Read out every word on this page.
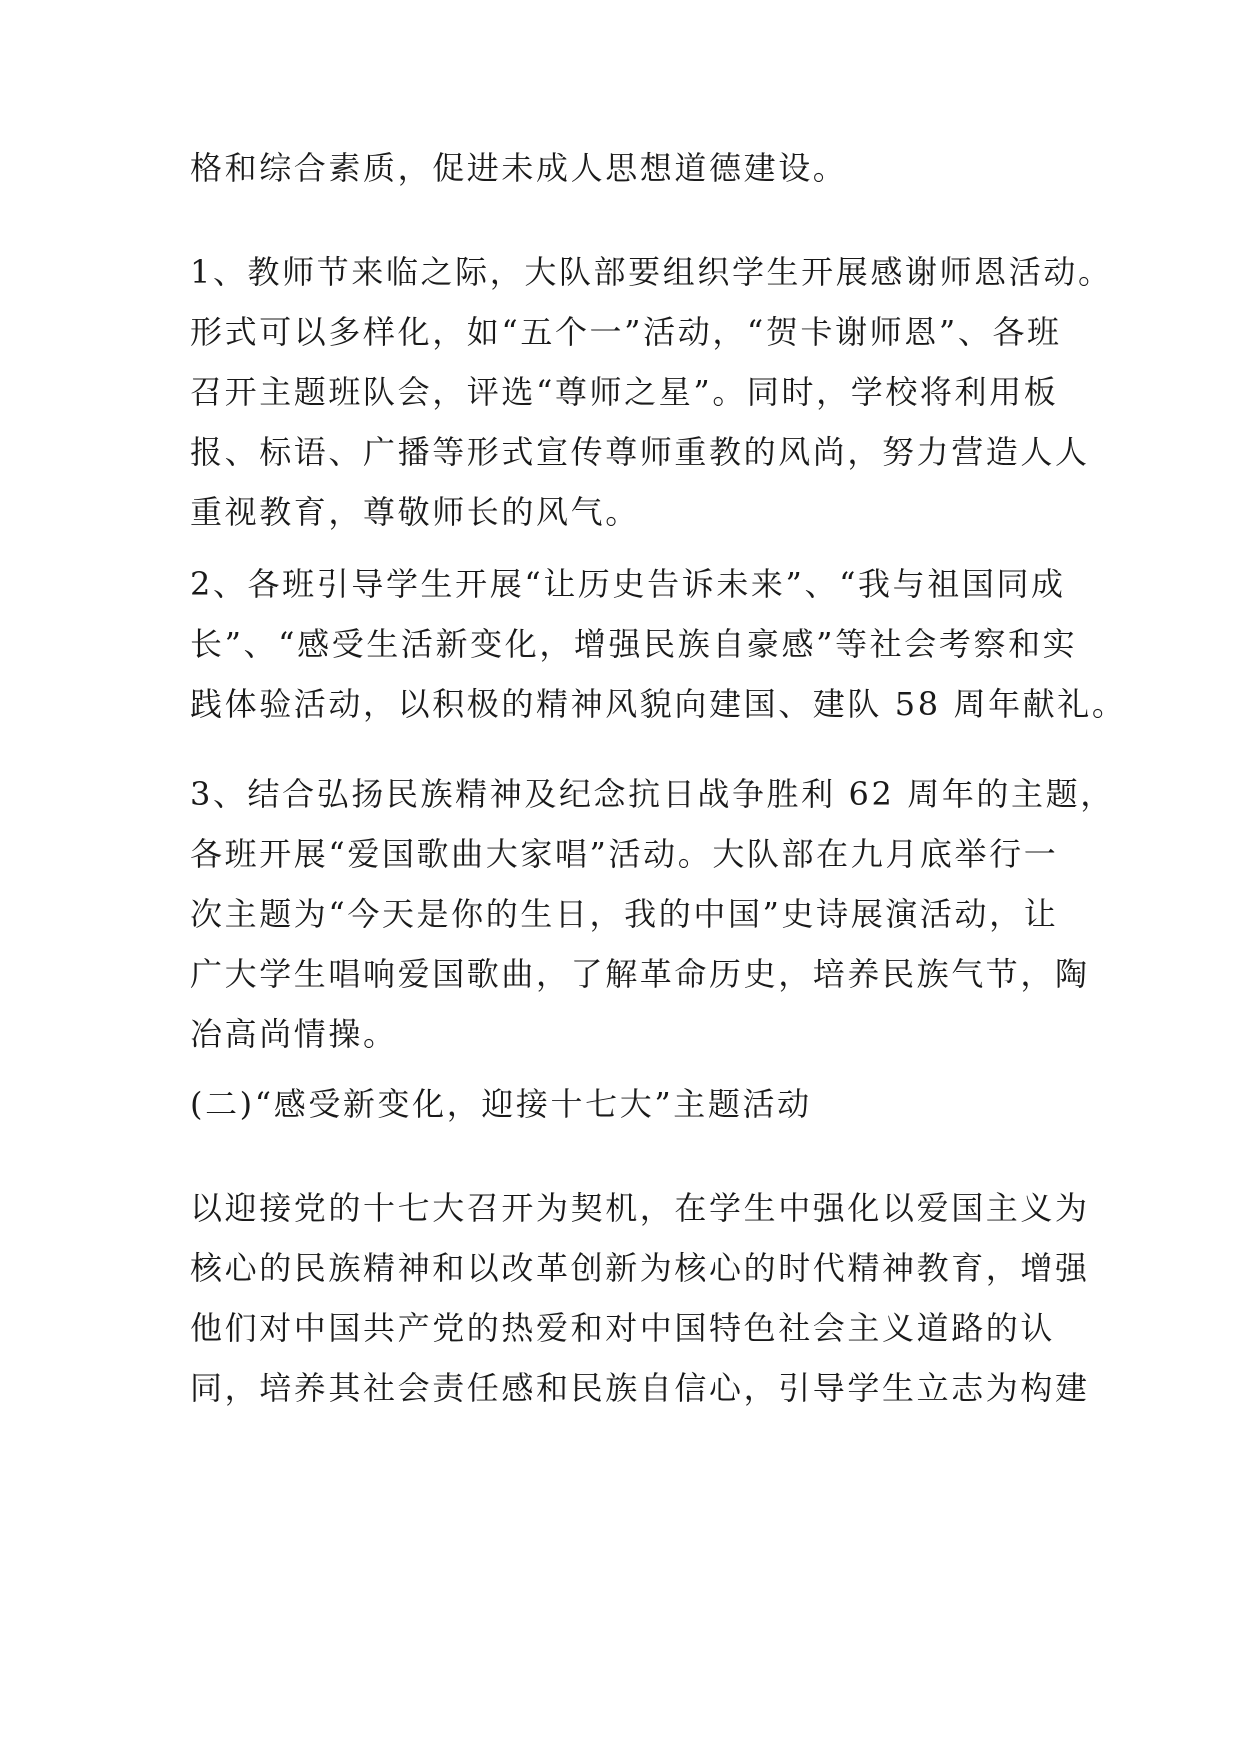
格和综合素质，促进未成人思想道德建设。
1、教师节来临之际，大队部要组织学生开展感谢师恩活动。
形式可以多样化，如“五个一”活动，“贺卡谢师恩”、各班
召开主题班队会，评选“尊师之星”。同时，学校将利用板
报、标语、广播等形式宣传尊师重教的风尚，努力营造人人
重视教育，尊敬师长的风气。
2、各班引导学生开展“让历史告诉未来”、“我与祖国同成
长”、“感受生活新变化，增强民族自豪感”等社会考察和实
践体验活动，以积极的精神风貌向建国、建队 58 周年献礼。
3、结合弘扬民族精神及纪念抗日战争胜利 62 周年的主题，
各班开展“爱国歌曲大家唱”活动。大队部在九月底举行一
次主题为“今天是你的生日，我的中国”史诗展演活动，让
广大学生唱响爱国歌曲，了解革命历史，培养民族气节，陶
冶高尚情操。
(二)“感受新变化，迎接十七大”主题活动
以迎接党的十七大召开为契机，在学生中强化以爱国主义为
核心的民族精神和以改革创新为核心的时代精神教育，增强
他们对中国共产党的热爱和对中国特色社会主义道路的认
同，培养其社会责任感和民族自信心，引导学生立志为构建
